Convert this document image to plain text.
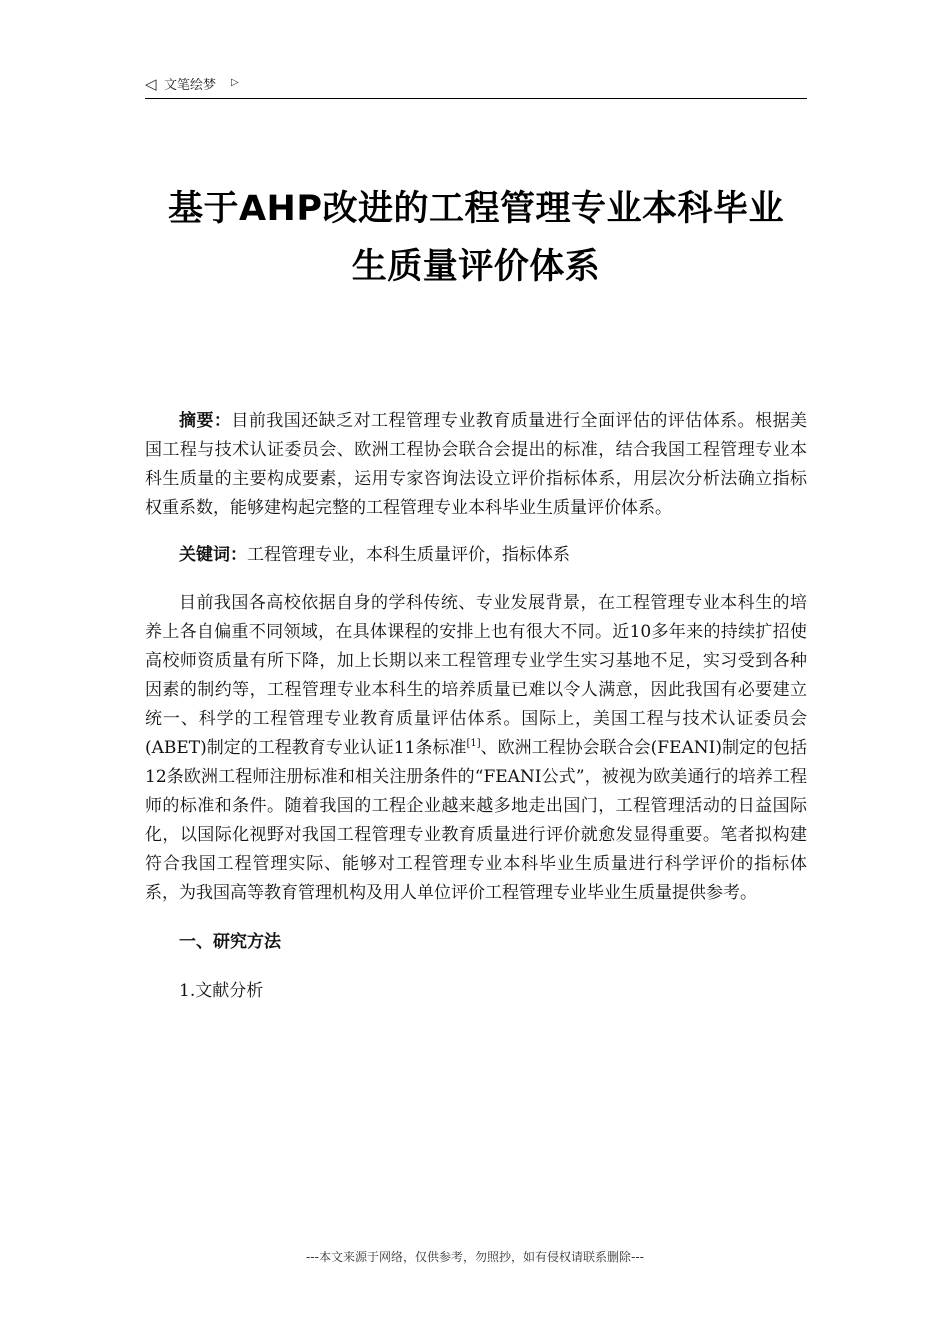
◁ 文笔绘梦 ▷
基于AHP改进的工程管理专业本科毕业
生质量评价体系

摘要：目前我国还缺乏对工程管理专业教育质量进行全面评估的评估体系。根据美国工程与技术认证委员会、欧洲工程协会联合会提出的标准，结合我国工程管理专业本科生质量的主要构成要素，运用专家咨询法设立评价指标体系，用层次分析法确立指标权重系数，能够建构起完整的工程管理专业本科毕业生质量评价体系。

关键词：工程管理专业，本科生质量评价，指标体系

目前我国各高校依据自身的学科传统、专业发展背景，在工程管理专业本科生的培养上各自偏重不同领域，在具体课程的安排上也有很大不同。近10多年来的持续扩招使高校师资质量有所下降，加上长期以来工程管理专业学生实习基地不足，实习受到各种因素的制约等，工程管理专业本科生的培养质量已难以令人满意，因此我国有必要建立统一、科学的工程管理专业教育质量评估体系。国际上，美国工程与技术认证委员会(ABET)制定的工程教育专业认证11条标准[1]、欧洲工程协会联合会(FEANI)制定的包括12条欧洲工程师注册标准和相关注册条件的“FEANI公式”，被视为欧美通行的培养工程师的标准和条件。随着我国的工程企业越来越多地走出国门，工程管理活动的日益国际化，以国际化视野对我国工程管理专业教育质量进行评价就愈发显得重要。笔者拟构建符合我国工程管理实际、能够对工程管理专业本科毕业生质量进行科学评价的指标体系，为我国高等教育管理机构及用人单位评价工程管理专业毕业生质量提供参考。

一、研究方法

1.文献分析

---本文来源于网络，仅供参考，勿照抄，如有侵权请联系删除---
